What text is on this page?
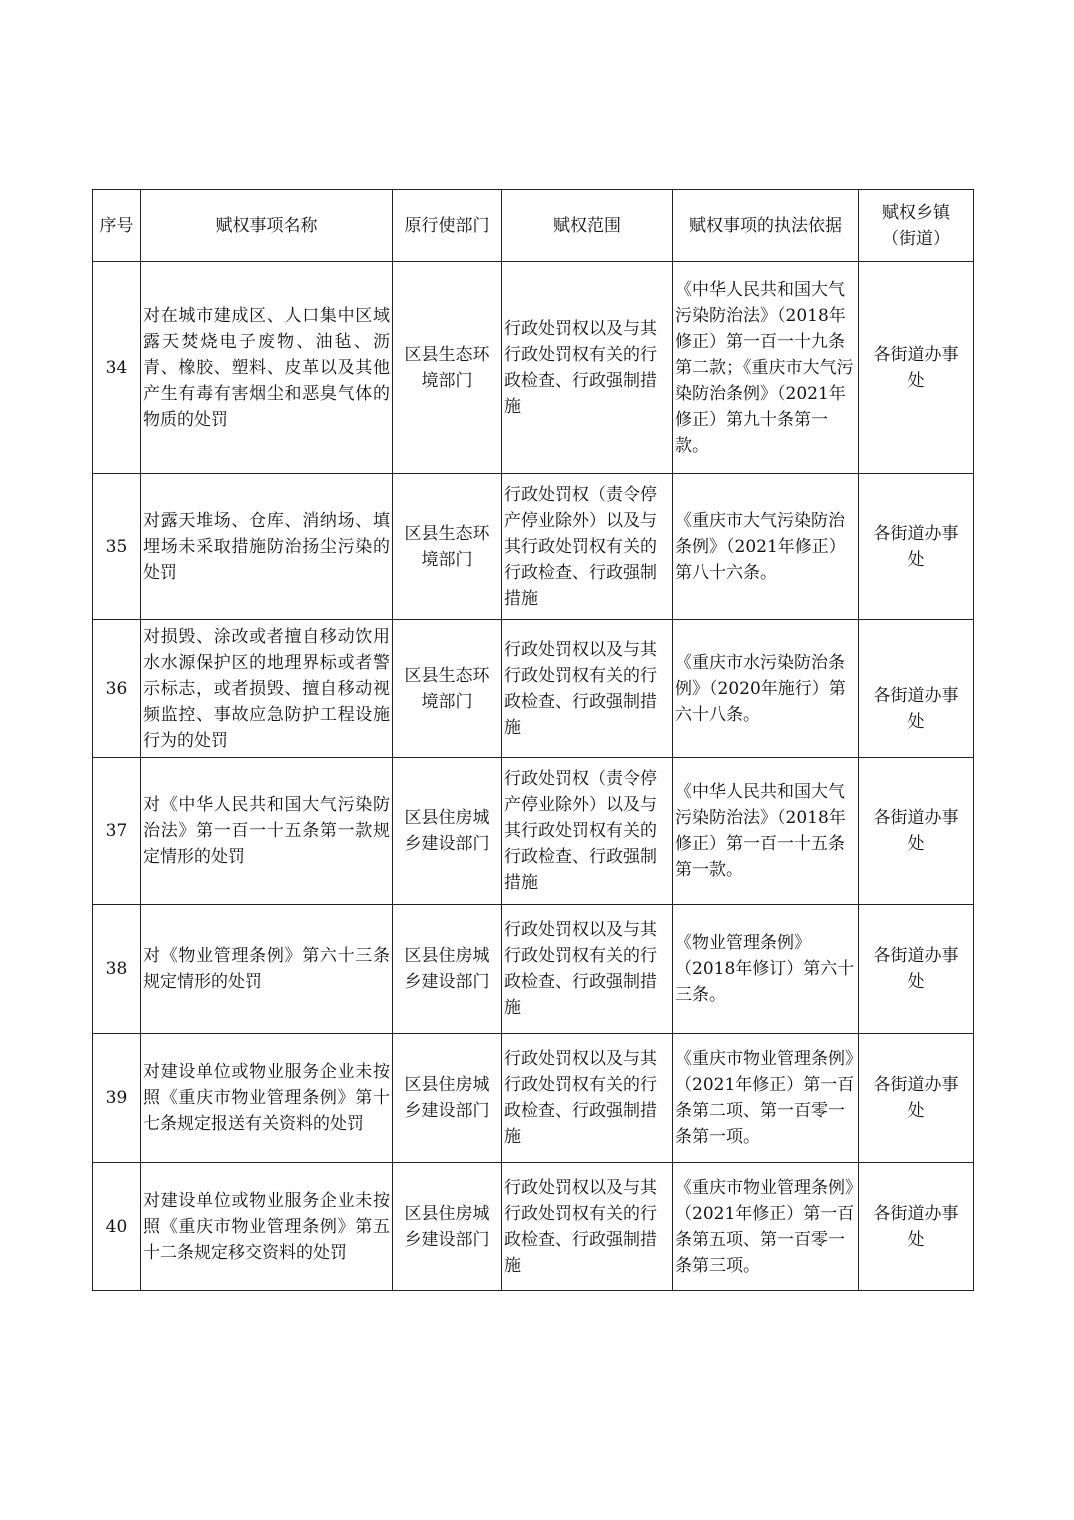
序号	赋权事项名称	原行使部门	赋权范围	赋权事项的执法依据	赋权乡镇
（街道）
34	对在城市建成区、人口集中区域露天焚烧电子废物、油毡、沥青、橡胶、塑料、皮革以及其他产生有毒有害烟尘和恶臭气体的物质的处罚	区县生态环
境部门	行政处罚权以及与其行政处罚权有关的行政检查、行政强制措施	《中华人民共和国大气污染防治法》（2018年修正）第一百一十九条第二款；《重庆市大气污染防治条例》（2021年修正）第九十条第一款。	各街道办事
处
35	对露天堆场、仓库、消纳场、填埋场未采取措施防治扬尘污染的处罚	区县生态环
境部门	行政处罚权（责令停产停业除外）以及与其行政处罚权有关的行政检查、行政强制措施	《重庆市大气污染防治条例》（2021年修正）第八十六条。	各街道办事
处
36	对损毁、涂改或者擅自移动饮用水水源保护区的地理界标或者警示标志，或者损毁、擅自移动视频监控、事故应急防护工程设施行为的处罚	区县生态环
境部门	行政处罚权以及与其行政处罚权有关的行政检查、行政强制措施	《重庆市水污染防治条例》（2020年施行）第六十八条。	各街道办事
处
37	对《中华人民共和国大气污染防治法》第一百一十五条第一款规定情形的处罚	区县住房城
乡建设部门	行政处罚权（责令停产停业除外）以及与其行政处罚权有关的行政检查、行政强制措施	《中华人民共和国大气污染防治法》（2018年修正）第一百一十五条第一款。	各街道办事
处
38	对《物业管理条例》第六十三条规定情形的处罚	区县住房城
乡建设部门	行政处罚权以及与其行政处罚权有关的行政检查、行政强制措施	《物业管理条例》（2018年修订）第六十三条。	各街道办事
处
39	对建设单位或物业服务企业未按照《重庆市物业管理条例》第十七条规定报送有关资料的处罚	区县住房城
乡建设部门	行政处罚权以及与其行政处罚权有关的行政检查、行政强制措施	《重庆市物业管理条例》（2021年修正）第一百条第二项、第一百零一条第一项。	各街道办事
处
40	对建设单位或物业服务企业未按照《重庆市物业管理条例》第五十二条规定移交资料的处罚	区县住房城
乡建设部门	行政处罚权以及与其行政处罚权有关的行政检查、行政强制措施	《重庆市物业管理条例》（2021年修正）第一百条第五项、第一百零一条第三项。	各街道办事
处
